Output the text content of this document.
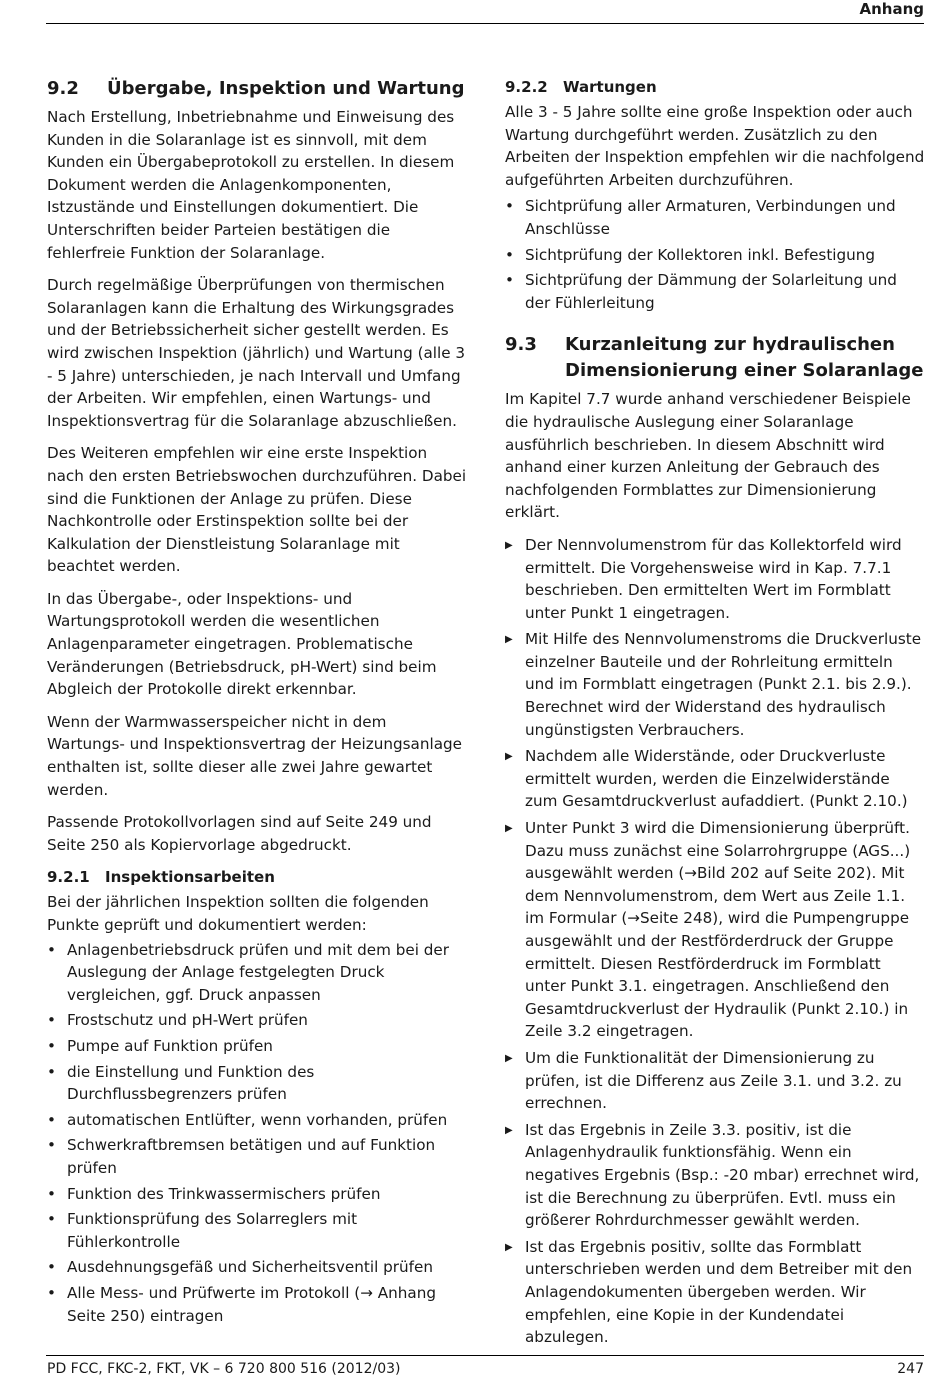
Anhang
9.2 Übergabe, Inspektion und Wartung

Nach Erstellung, Inbetriebnahme und Einweisung des Kunden in die Solaranlage ist es sinnvoll, mit dem Kunden ein Übergabeprotokoll zu erstellen. In diesem Dokument werden die Anlagenkomponenten, Istzustände und Einstellungen dokumentiert. Die Unterschriften beider Parteien bestätigen die fehlerfreie Funktion der Solaranlage.

Durch regelmäßige Überprüfungen von thermischen Solaranlagen kann die Erhaltung des Wirkungsgrades und der Betriebssicherheit sicher gestellt werden. Es wird zwischen Inspektion (jährlich) und Wartung (alle 3 - 5 Jahre) unterschieden, je nach Intervall und Umfang der Arbeiten. Wir empfehlen, einen Wartungs- und Inspektionsvertrag für die Solaranlage abzuschließen.

Des Weiteren empfehlen wir eine erste Inspektion nach den ersten Betriebswochen durchzuführen. Dabei sind die Funktionen der Anlage zu prüfen. Diese Nachkontrolle oder Erstinspektion sollte bei der Kalkulation der Dienstleistung Solaranlage mit beachtet werden.

In das Übergabe-, oder Inspektions- und Wartungsprotokoll werden die wesentlichen Anlagenparameter eingetragen. Problematische Veränderungen (Betriebsdruck, pH-Wert) sind beim Abgleich der Protokolle direkt erkennbar.

Wenn der Warmwasserspeicher nicht in dem Wartungs- und Inspektionsvertrag der Heizungsanlage enthalten ist, sollte dieser alle zwei Jahre gewartet werden.

Passende Protokollvorlagen sind auf Seite 249 und Seite 250 als Kopiervorlage abgedruckt.

9.2.1 Inspektionsarbeiten

Bei der jährlichen Inspektion sollten die folgenden Punkte geprüft und dokumentiert werden:

• Anlagenbetriebsdruck prüfen und mit dem bei der Auslegung der Anlage festgelegten Druck vergleichen, ggf. Druck anpassen
• Frostschutz und pH-Wert prüfen
• Pumpe auf Funktion prüfen
• die Einstellung und Funktion des Durchflussbegrenzers prüfen
• automatischen Entlüfter, wenn vorhanden, prüfen
• Schwerkraftbremsen betätigen und auf Funktion prüfen
• Funktion des Trinkwassermischers prüfen
• Funktionsprüfung des Solarreglers mit Fühlerkontrolle
• Ausdehnungsgefäß und Sicherheitsventil prüfen
• Alle Mess- und Prüfwerte im Protokoll (→ Anhang Seite 250) eintragen
9.2.2 Wartungen

Alle 3 - 5 Jahre sollte eine große Inspektion oder auch Wartung durchgeführt werden. Zusätzlich zu den Arbeiten der Inspektion empfehlen wir die nachfolgend aufgeführten Arbeiten durchzuführen.

• Sichtprüfung aller Armaturen, Verbindungen und Anschlüsse
• Sichtprüfung der Kollektoren inkl. Befestigung
• Sichtprüfung der Dämmung der Solarleitung und der Fühlerleitung
9.3	Kurzanleitung zur hydraulischen Dimensionierung einer Solaranlage

Im Kapitel 7.7 wurde anhand verschiedener Beispiele die hydraulische Auslegung einer Solaranlage ausführlich beschrieben. In diesem Abschnitt wird anhand einer kurzen Anleitung der Gebrauch des nachfolgenden Formblattes zur Dimensionierung erklärt.

▶ Der Nennvolumenstrom für das Kollektorfeld wird ermittelt. Die Vorgehensweise wird in Kap. 7.7.1 beschrieben. Den ermittelten Wert im Formblatt unter Punkt 1 eingetragen.
▶ Mit Hilfe des Nennvolumenstroms die Druckverluste einzelner Bauteile und der Rohrleitung ermitteln und im Formblatt eingetragen (Punkt 2.1. bis 2.9.). Berechnet wird der Widerstand des hydraulisch ungünstigsten Verbrauchers.
▶ Nachdem alle Widerstände, oder Druckverluste ermittelt wurden, werden die Einzelwiderstände zum Gesamtdruckverlust aufaddiert. (Punkt 2.10.)
▶ Unter Punkt 3 wird die Dimensionierung überprüft. Dazu muss zunächst eine Solarrohrgruppe (AGS...) ausgewählt werden (→Bild 202 auf Seite 202). Mit dem Nennvolumenstrom, dem Wert aus Zeile 1.1. im Formular (→Seite 248), wird die Pumpengruppe ausgewählt und der Restförderdruck der Gruppe ermittelt. Diesen Restförderdruck im Formblatt unter Punkt 3.1. eingetragen. Anschließend den Gesamtdruckverlust der Hydraulik (Punkt 2.10.) in Zeile 3.2 eingetragen.
▶ Um die Funktionalität der Dimensionierung zu prüfen, ist die Differenz aus Zeile 3.1. und 3.2. zu errechnen.
▶ Ist das Ergebnis in Zeile 3.3. positiv, ist die Anlagenhydraulik funktionsfähig. Wenn ein negatives Ergebnis (Bsp.: -20 mbar) errechnet wird, ist die Berechnung zu überprüfen. Evtl. muss ein größerer Rohrdurchmesser gewählt werden.
▶ Ist das Ergebnis positiv, sollte das Formblatt unterschrieben werden und dem Betreiber mit den Anlagendokumenten übergeben werden. Wir empfehlen, eine Kopie in der Kundendatei abzulegen.
PD FCC, FKC-2, FKT, VK – 6 720 800 516 (2012/03)	247
